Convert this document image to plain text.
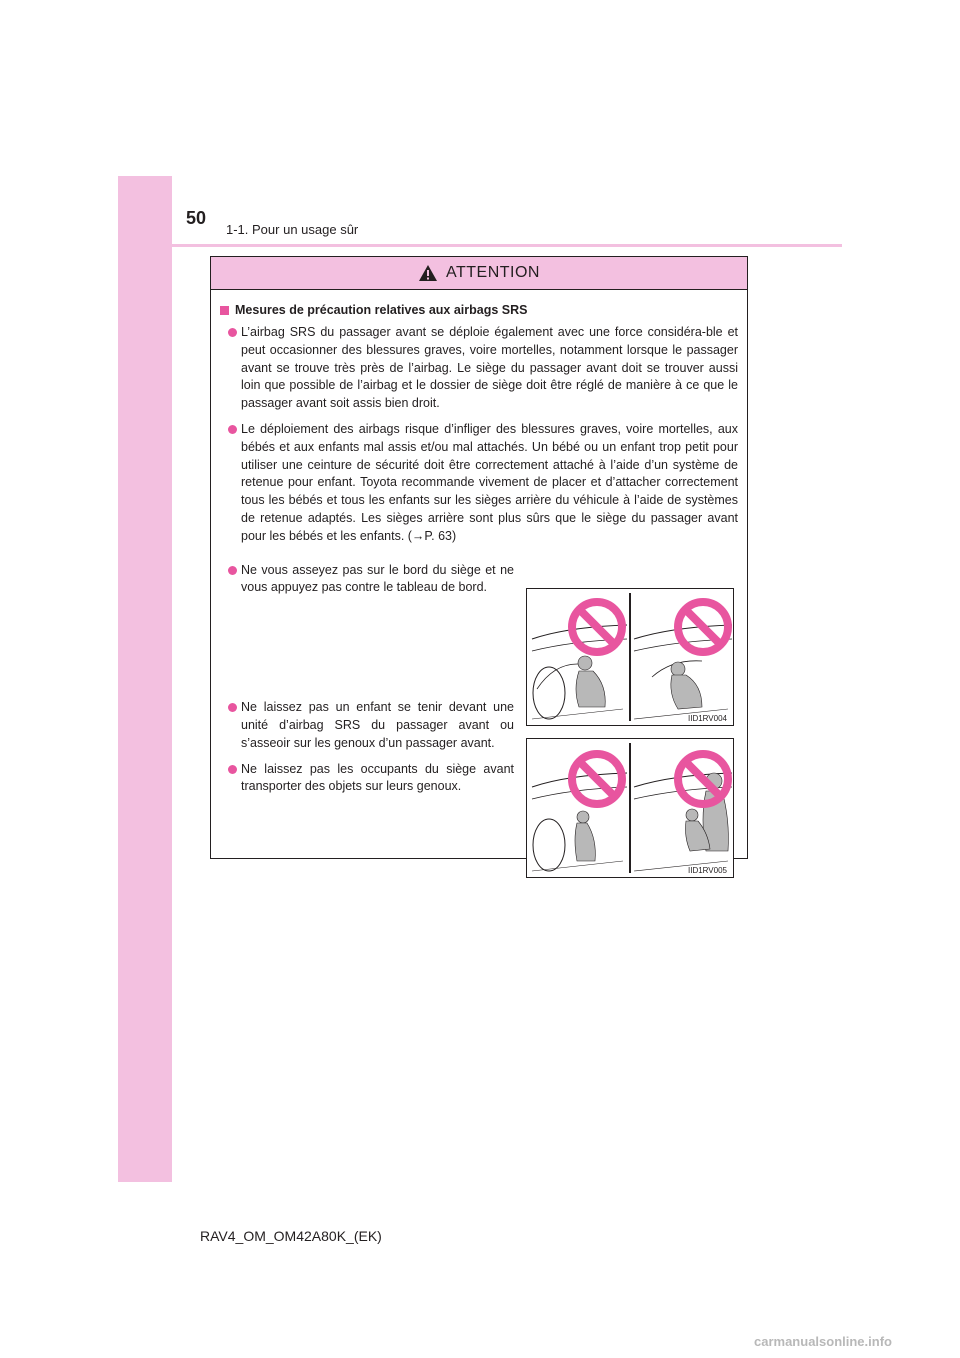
50
1-1. Pour un usage sûr
ATTENTION
Mesures de précaution relatives aux airbags SRS
L’airbag SRS du passager avant se déploie également avec une force considéra-ble et peut occasionner des blessures graves, voire mortelles, notamment lorsque le passager avant se trouve très près de l’airbag. Le siège du passager avant doit se trouver aussi loin que possible de l’airbag et le dossier de siège doit être réglé de manière à ce que le passager avant soit assis bien droit.
Le déploiement des airbags risque d’infliger des blessures graves, voire mortelles, aux bébés et aux enfants mal assis et/ou mal attachés. Un bébé ou un enfant trop petit pour utiliser une ceinture de sécurité doit être correctement attaché à l’aide d’un système de retenue pour enfant. Toyota recommande vivement de placer et d’attacher correctement tous les bébés et tous les enfants sur les sièges arrière du véhicule à l’aide de systèmes de retenue adaptés. Les sièges arrière sont plus sûrs que le siège du passager avant pour les bébés et les enfants. (→P. 63)
Ne vous asseyez pas sur le bord du siège et ne vous appuyez pas contre le tableau de bord.
Ne laissez pas un enfant se tenir devant une unité d’airbag SRS du passager avant ou s’asseoir sur les genoux d’un passager avant.
Ne laissez pas les occupants du siège avant transporter des objets sur leurs genoux.
IID1RV004
IID1RV005
RAV4_OM_OM42A80K_(EK)
carmanualsonline.info
